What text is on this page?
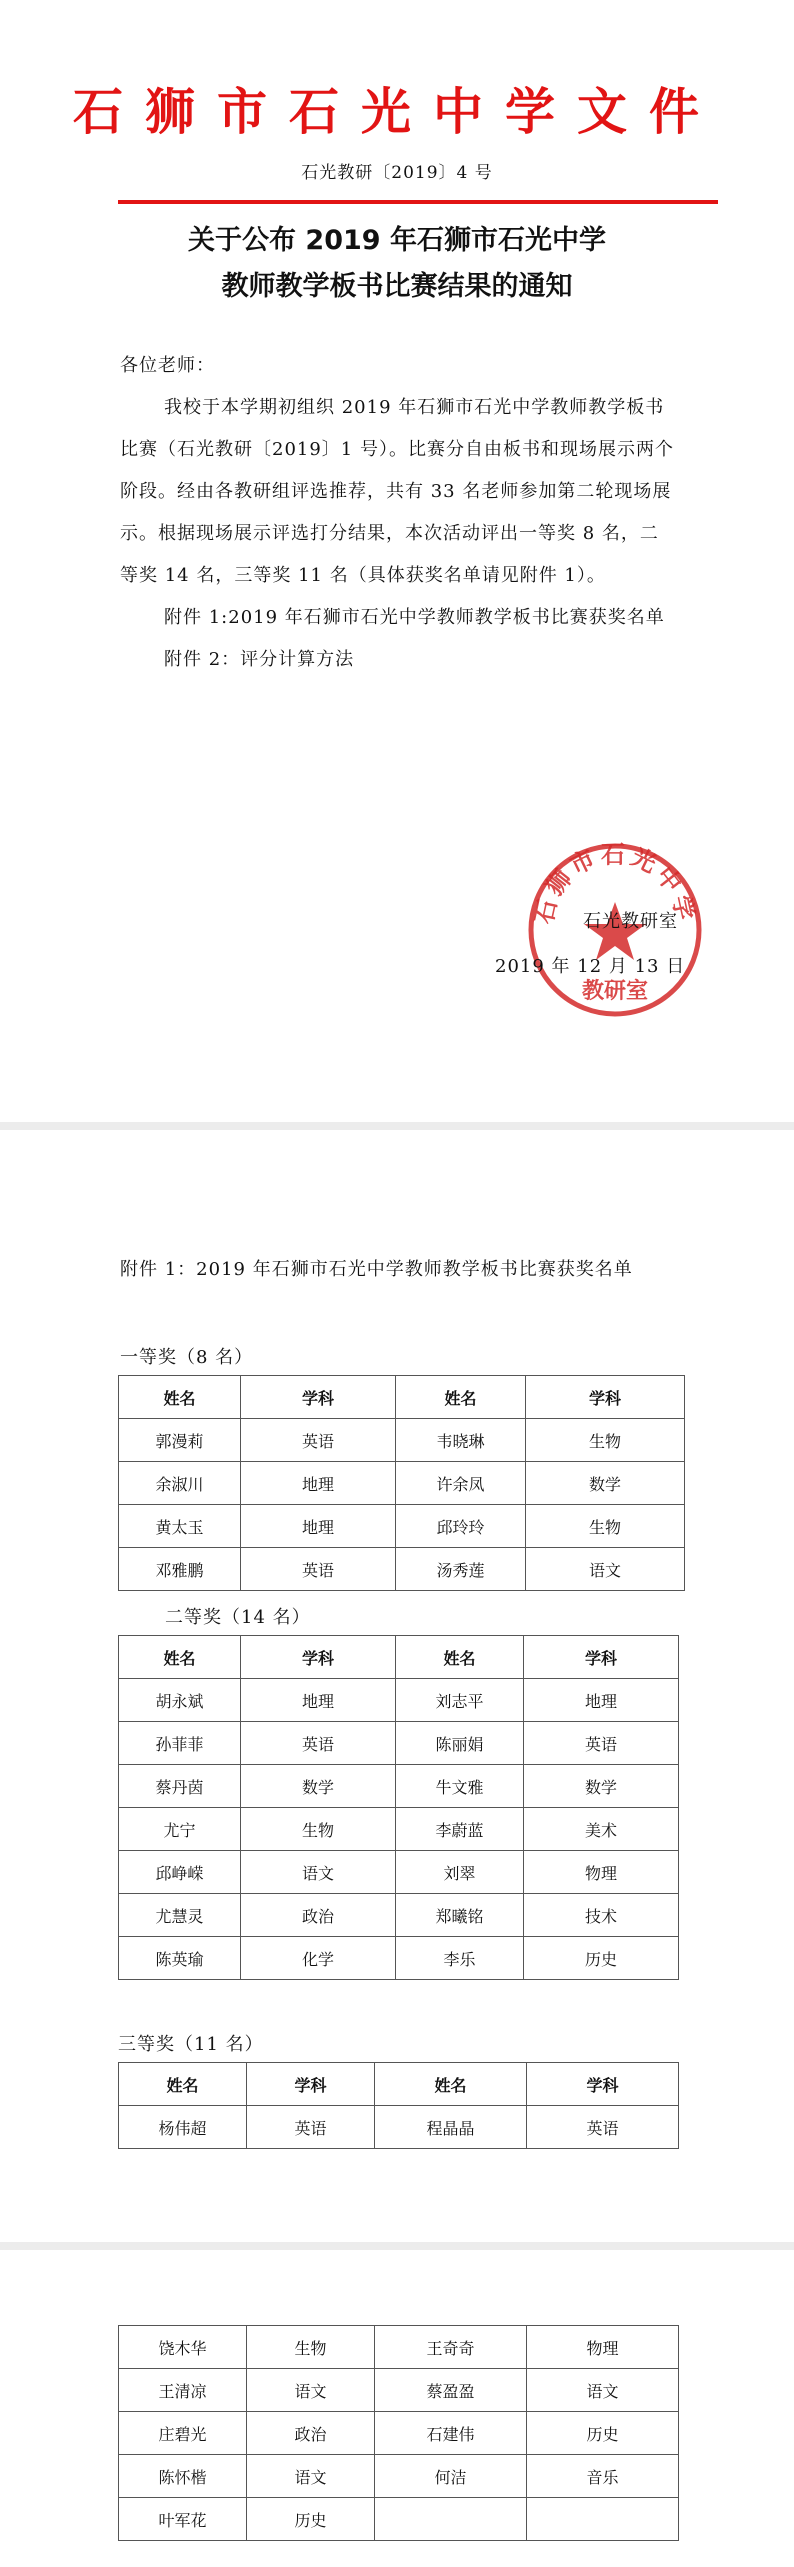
石狮市石光中学文件
石光教研〔2019〕4 号
关于公布 2019 年石狮市石光中学
教师教学板书比赛结果的通知

各位老师：

我校于本学期初组织 2019 年石狮市石光中学教师教学板书比赛（石光教研〔2019〕1 号）。比赛分自由板书和现场展示两个阶段。经由各教研组评选推荐，共有 33 名老师参加第二轮现场展示。根据现场展示评选打分结果，本次活动评出一等奖 8 名，二等奖 14 名，三等奖 11 名（具体获奖名单请见附件 1）。

附件 1:2019 年石狮市石光中学教师教学板书比赛获奖名单

附件 2：评分计算方法

石狮市石光中学
教研室
石光教研室
2019 年 12 月 13 日
附件 1：2019 年石狮市石光中学教师教学板书比赛获奖名单
一等奖（8 名）
姓名	学科	姓名	学科
郭漫莉	英语	韦晓琳	生物
余淑川	地理	许余凤	数学
黄太玉	地理	邱玲玲	生物
邓雅鹏	英语	汤秀莲	语文
二等奖（14 名）
姓名	学科	姓名	学科
胡永斌	地理	刘志平	地理
孙菲菲	英语	陈丽娟	英语
蔡丹茵	数学	牛文雅	数学
尤宁	生物	李蔚蓝	美术
邱峥嵘	语文	刘翠	物理
尤慧灵	政治	郑曦铭	技术
陈英瑜	化学	李乐	历史
三等奖（11 名）
姓名	学科	姓名	学科
杨伟超	英语	程晶晶	英语
饶木华	生物	王奇奇	物理
王清凉	语文	蔡盈盈	语文
庄碧光	政治	石建伟	历史
陈怀楷	语文	何洁	音乐
叶军花	历史		
